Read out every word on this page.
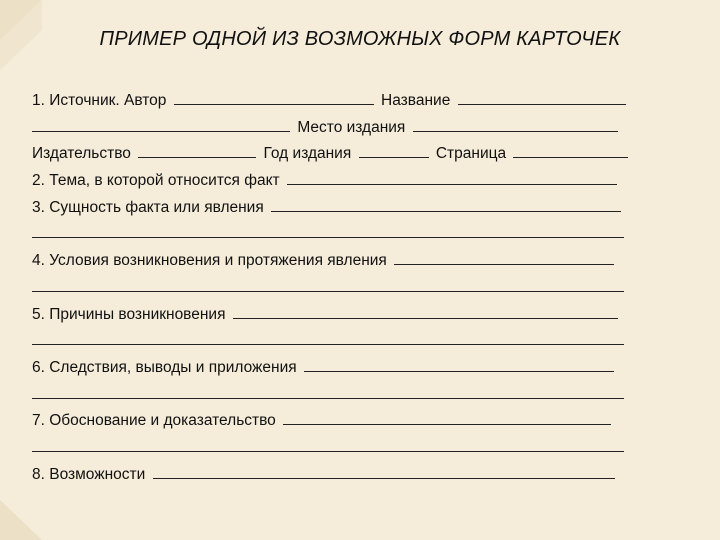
ПРИМЕР ОДНОЙ ИЗ ВОЗМОЖНЫХ ФОРМ КАРТОЧЕК
1. Источник. Автор	Название
Место издания
Издательство	Год издания	Страница
2. Тема, в которой относится факт
3. Сущность факта или явления
4. Условия возникновения и протяжения явления
5. Причины возникновения
6. Следствия, выводы и приложения
7. Обоснование и доказательство
8. Возможности
